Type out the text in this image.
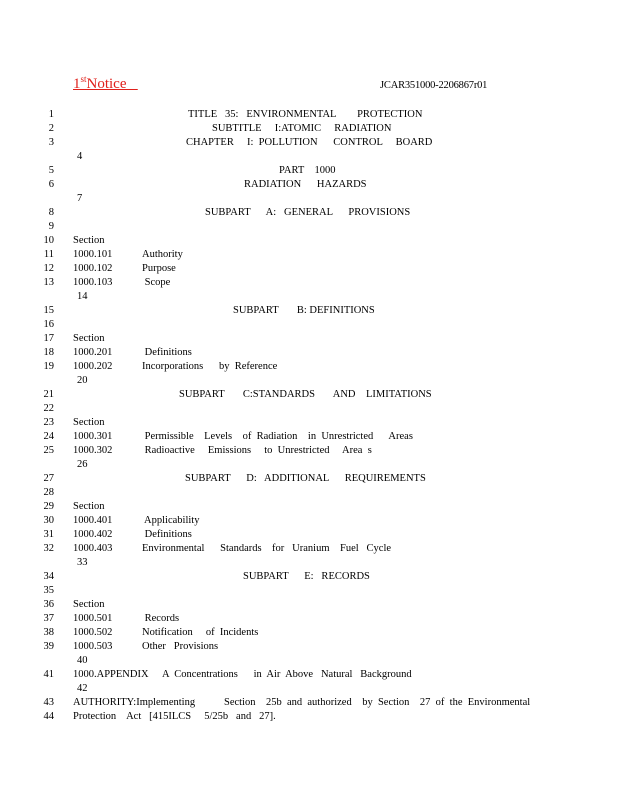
1stNotice	JCAR351000-2206867r01
1	TITLE   35:   ENVIRONMENTAL        PROTECTION
2	SUBTITLE     I:ATOMIC     RADIATION
3	CHAPTER     I:  POLLUTION      CONTROL     BOARD
4
5	PART    1000
6	RADIATION      HAZARDS
7
8	SUBPART      A:   GENERAL      PROVISIONS
9
10 Section
11 1000.101	Authority
12 1000.102	Purpose
13 1000.103	Scope
14
15	SUBPART       B: DEFINITIONS
16
17 Section
18 1000.201	Definitions
19 1000.202	Incorporations      by  Reference
20
21	SUBPART       C:STANDARDS       AND    LIMITATIONS
22
23 Section
24 1000.301	Permissible    Levels    of  Radiation    in  Unrestricted      Areas
25 1000.302	Radioactive     Emissions     to  Unrestricted     Area  s
26
27	SUBPART      D:   ADDITIONAL      REQUIREMENTS
28
29 Section
30 1000.401	Applicability
31 1000.402	Definitions
32 1000.403	Environmental      Standards    for   Uranium    Fuel   Cycle
33
34	SUBPART      E:   RECORDS
35
36 Section
37 1000.501	Records
38 1000.502	Notification     of  Incidents
39 1000.503	Other   Provisions
40
41 1000.APPENDIX A  Concentrations      in  Air  Above   Natural   Background
42
43 AUTHORITY:Implementing           Section    25b  and  authorized    by  Section    27  of  the  Environmental
44 Protection    Act   [415ILCS     5/25b   and   27].
